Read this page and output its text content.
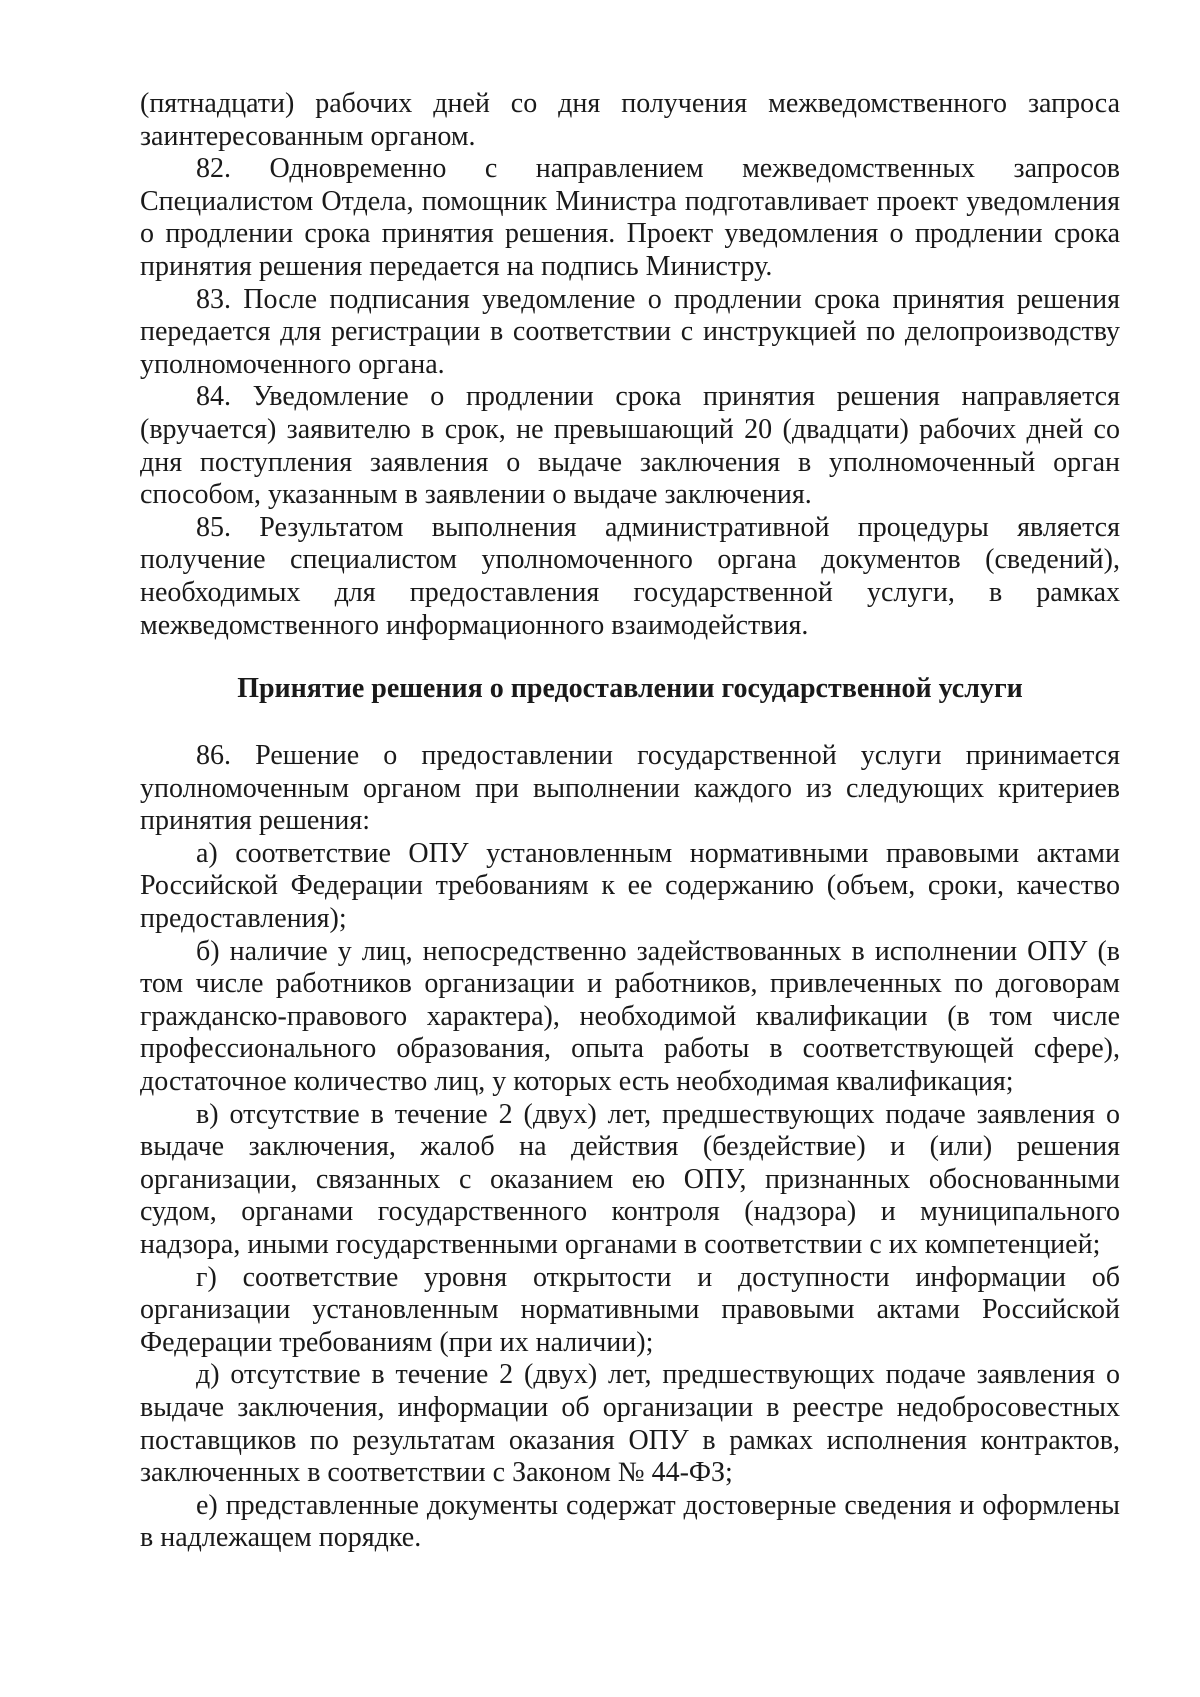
(пятнадцати) рабочих дней со дня получения межведомственного запроса заинтересованным органом.

82. Одновременно с направлением межведомственных запросов Специалистом Отдела, помощник Министра подготавливает проект уведомления о продлении срока принятия решения. Проект уведомления о продлении срока принятия решения передается на подпись Министру.

83. После подписания уведомление о продлении срока принятия решения передается для регистрации в соответствии с инструкцией по делопроизводству уполномоченного органа.

84. Уведомление о продлении срока принятия решения направляется (вручается) заявителю в срок, не превышающий 20 (двадцати) рабочих дней со дня поступления заявления о выдаче заключения в уполномоченный орган способом, указанным в заявлении о выдаче заключения.

85. Результатом выполнения административной процедуры является получение специалистом уполномоченного органа документов (сведений), необходимых для предоставления государственной услуги, в рамках межведомственного информационного взаимодействия.

Принятие решения о предоставлении государственной услуги

86. Решение о предоставлении государственной услуги принимается уполномоченным органом при выполнении каждого из следующих критериев принятия решения:

а) соответствие ОПУ установленным нормативными правовыми актами Российской Федерации требованиям к ее содержанию (объем, сроки, качество предоставления);

б) наличие у лиц, непосредственно задействованных в исполнении ОПУ (в том числе работников организации и работников, привлеченных по договорам гражданско-правового характера), необходимой квалификации (в том числе профессионального образования, опыта работы в соответствующей сфере), достаточное количество лиц, у которых есть необходимая квалификация;

в) отсутствие в течение 2 (двух) лет, предшествующих подаче заявления о выдаче заключения, жалоб на действия (бездействие) и (или) решения организации, связанных с оказанием ею ОПУ, признанных обоснованными судом, органами государственного контроля (надзора) и муниципального надзора, иными государственными органами в соответствии с их компетенцией;

г) соответствие уровня открытости и доступности информации об организации установленным нормативными правовыми актами Российской Федерации требованиям (при их наличии);

д) отсутствие в течение 2 (двух) лет, предшествующих подаче заявления о выдаче заключения, информации об организации в реестре недобросовестных поставщиков по результатам оказания ОПУ в рамках исполнения контрактов, заключенных в соответствии с Законом № 44-ФЗ;

е) представленные документы содержат достоверные сведения и оформлены в надлежащем порядке.
